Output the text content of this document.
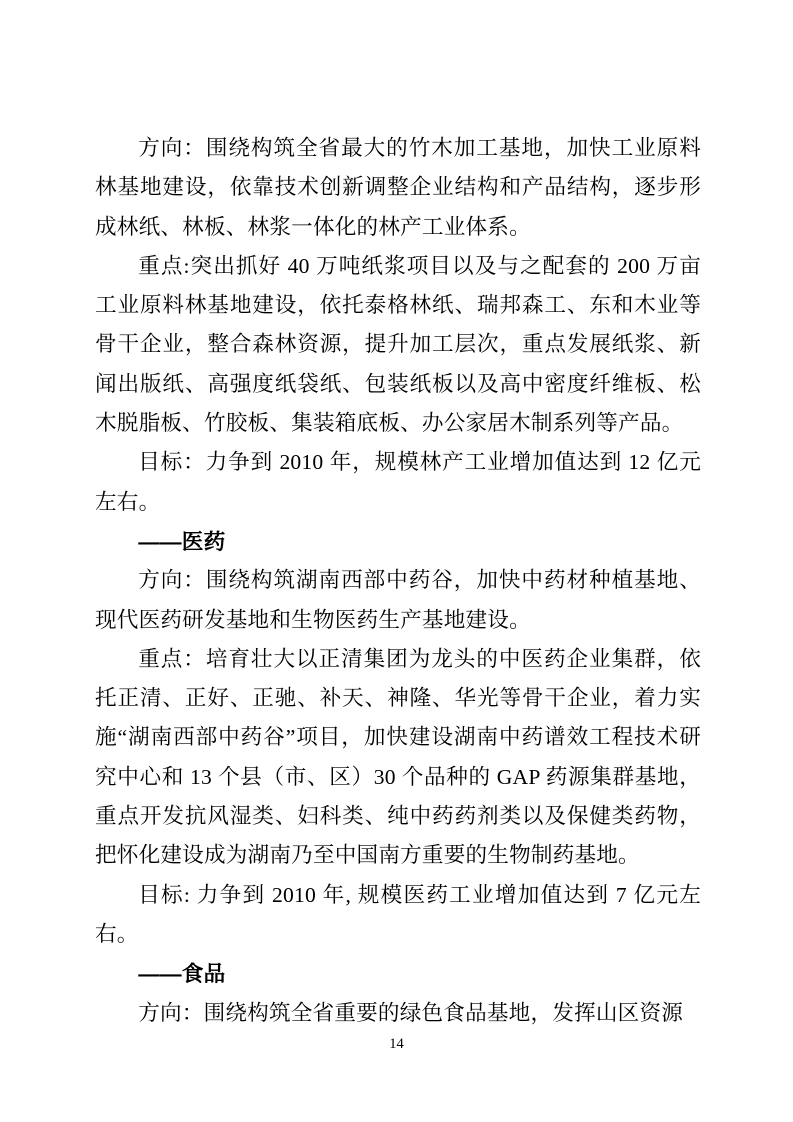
方向：围绕构筑全省最大的竹木加工基地，加快工业原料林基地建设，依靠技术创新调整企业结构和产品结构，逐步形成林纸、林板、林浆一体化的林产工业体系。

重点:突出抓好 40 万吨纸浆项目以及与之配套的 200 万亩工业原料林基地建设，依托泰格林纸、瑞邦森工、东和木业等骨干企业，整合森林资源，提升加工层次，重点发展纸浆、新闻出版纸、高强度纸袋纸、包装纸板以及高中密度纤维板、松木脱脂板、竹胶板、集装箱底板、办公家居木制系列等产品。

目标：力争到 2010 年，规模林产工业增加值达到 12 亿元左右。

——医药

方向：围绕构筑湖南西部中药谷，加快中药材种植基地、现代医药研发基地和生物医药生产基地建设。

重点：培育壮大以正清集团为龙头的中医药企业集群，依托正清、正好、正驰、补天、神隆、华光等骨干企业，着力实施“湖南西部中药谷”项目，加快建设湖南中药谱效工程技术研究中心和 13 个县（市、区）30 个品种的 GAP 药源集群基地，重点开发抗风湿类、妇科类、纯中药药剂类以及保健类药物，把怀化建设成为湖南乃至中国南方重要的生物制药基地。

目标: 力争到 2010 年, 规模医药工业增加值达到 7 亿元左右。

——食品

方向：围绕构筑全省重要的绿色食品基地，发挥山区资源

14
